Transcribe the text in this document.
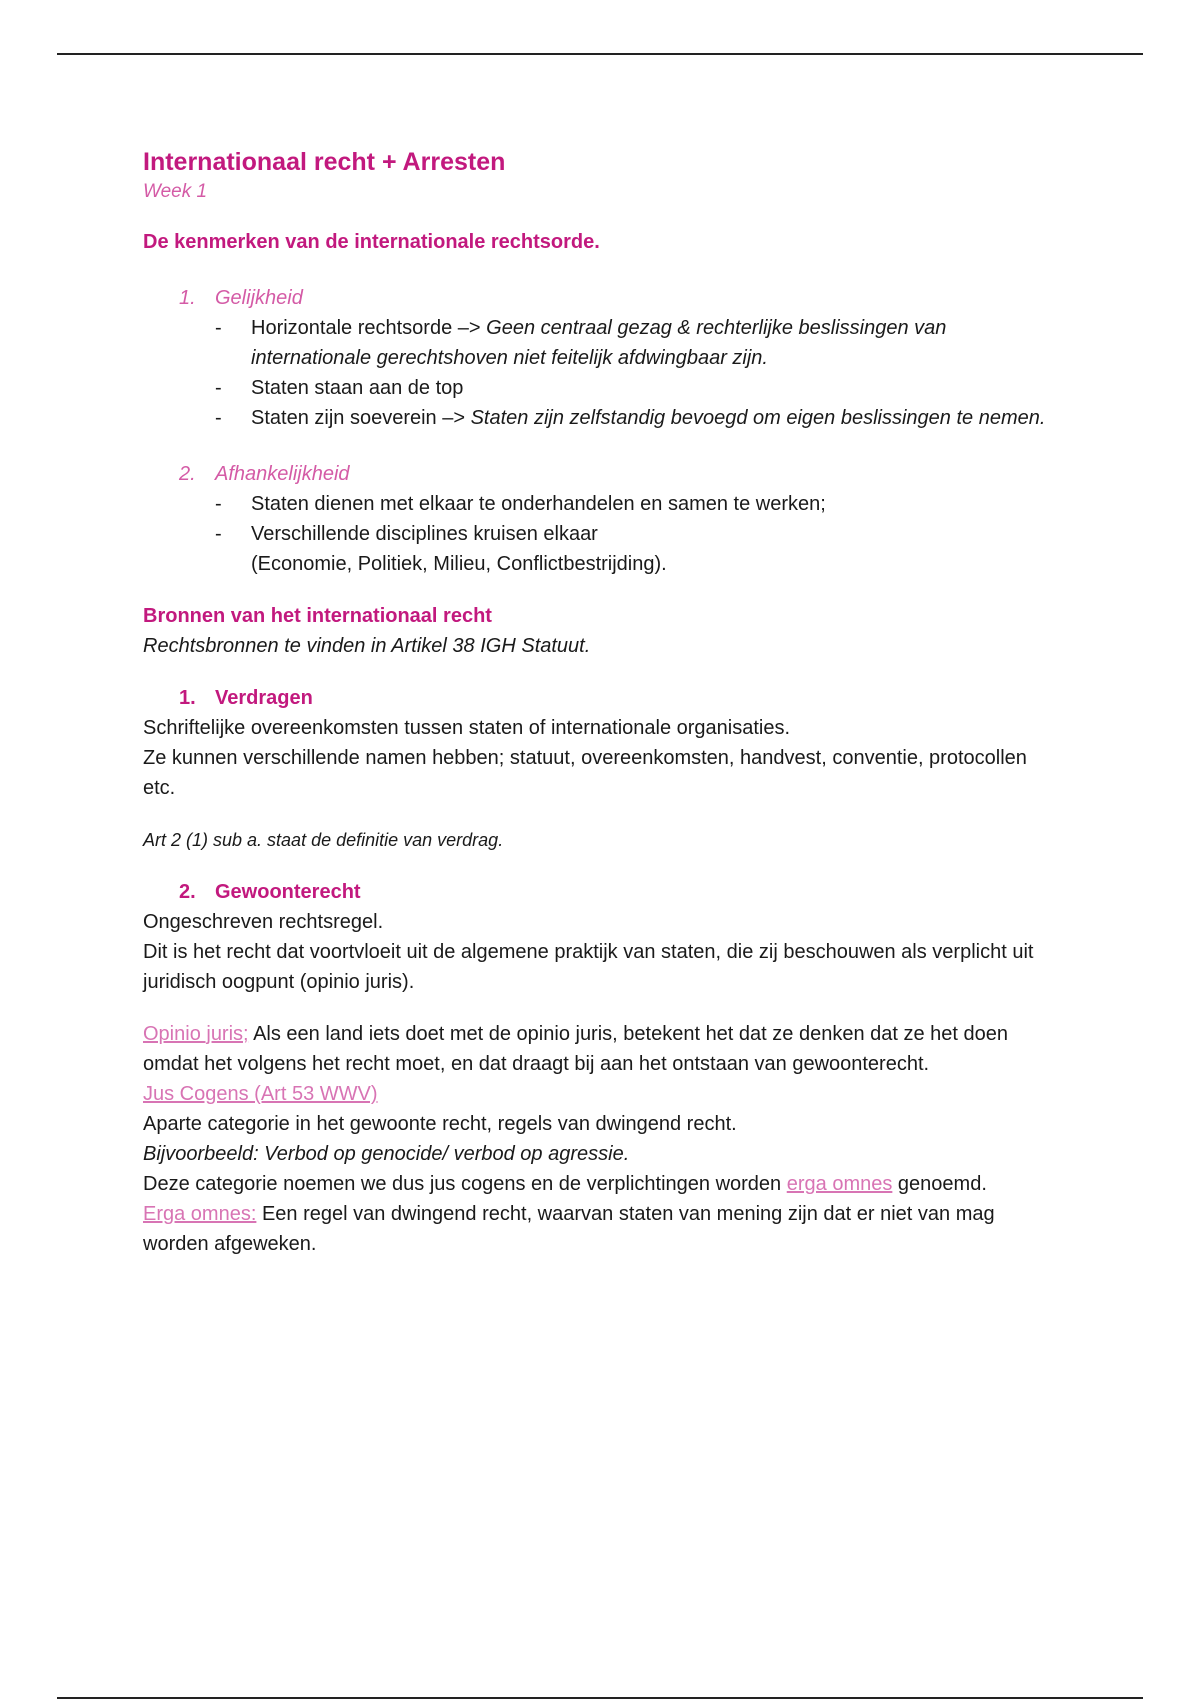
Internationaal recht + Arresten
Week 1
De kenmerken van de internationale rechtsorde.
1. Gelijkheid
-	Horizontale rechtsorde –> Geen centraal gezag & rechterlijke beslissingen van internationale gerechtshoven niet feitelijk afdwingbaar zijn.
-	Staten staan aan de top
-	Staten zijn soeverein –> Staten zijn zelfstandig bevoegd om eigen beslissingen te nemen.
2. Afhankelijkheid
-	Staten dienen met elkaar te onderhandelen en samen te werken;
-	Verschillende disciplines kruisen elkaar

(Economie, Politiek, Milieu, Conflictbestrijding).

Bronnen van het internationaal recht

Rechtsbronnen te vinden in Artikel 38 IGH Statuut.

1. Verdragen

Schriftelijke overeenkomsten tussen staten of internationale organisaties.

Ze kunnen verschillende namen hebben; statuut, overeenkomsten, handvest, conventie, protocollen etc.

Art 2 (1) sub a. staat de definitie van verdrag.

2. Gewoonterecht

Ongeschreven rechtsregel.

Dit is het recht dat voortvloeit uit de algemene praktijk van staten, die zij beschouwen als verplicht uit juridisch oogpunt (opinio juris).

Opinio juris; Als een land iets doet met de opinio juris, betekent het dat ze denken dat ze het doen omdat het volgens het recht moet, en dat draagt bij aan het ontstaan van gewoonterecht.

Jus Cogens (Art 53 WWV)

Aparte categorie in het gewoonte recht, regels van dwingend recht.

Bijvoorbeeld: Verbod op genocide/ verbod op agressie.

Deze categorie noemen we dus jus cogens en de verplichtingen worden erga omnes genoemd.

Erga omnes: Een regel van dwingend recht, waarvan staten van mening zijn dat er niet van mag worden afgeweken.
